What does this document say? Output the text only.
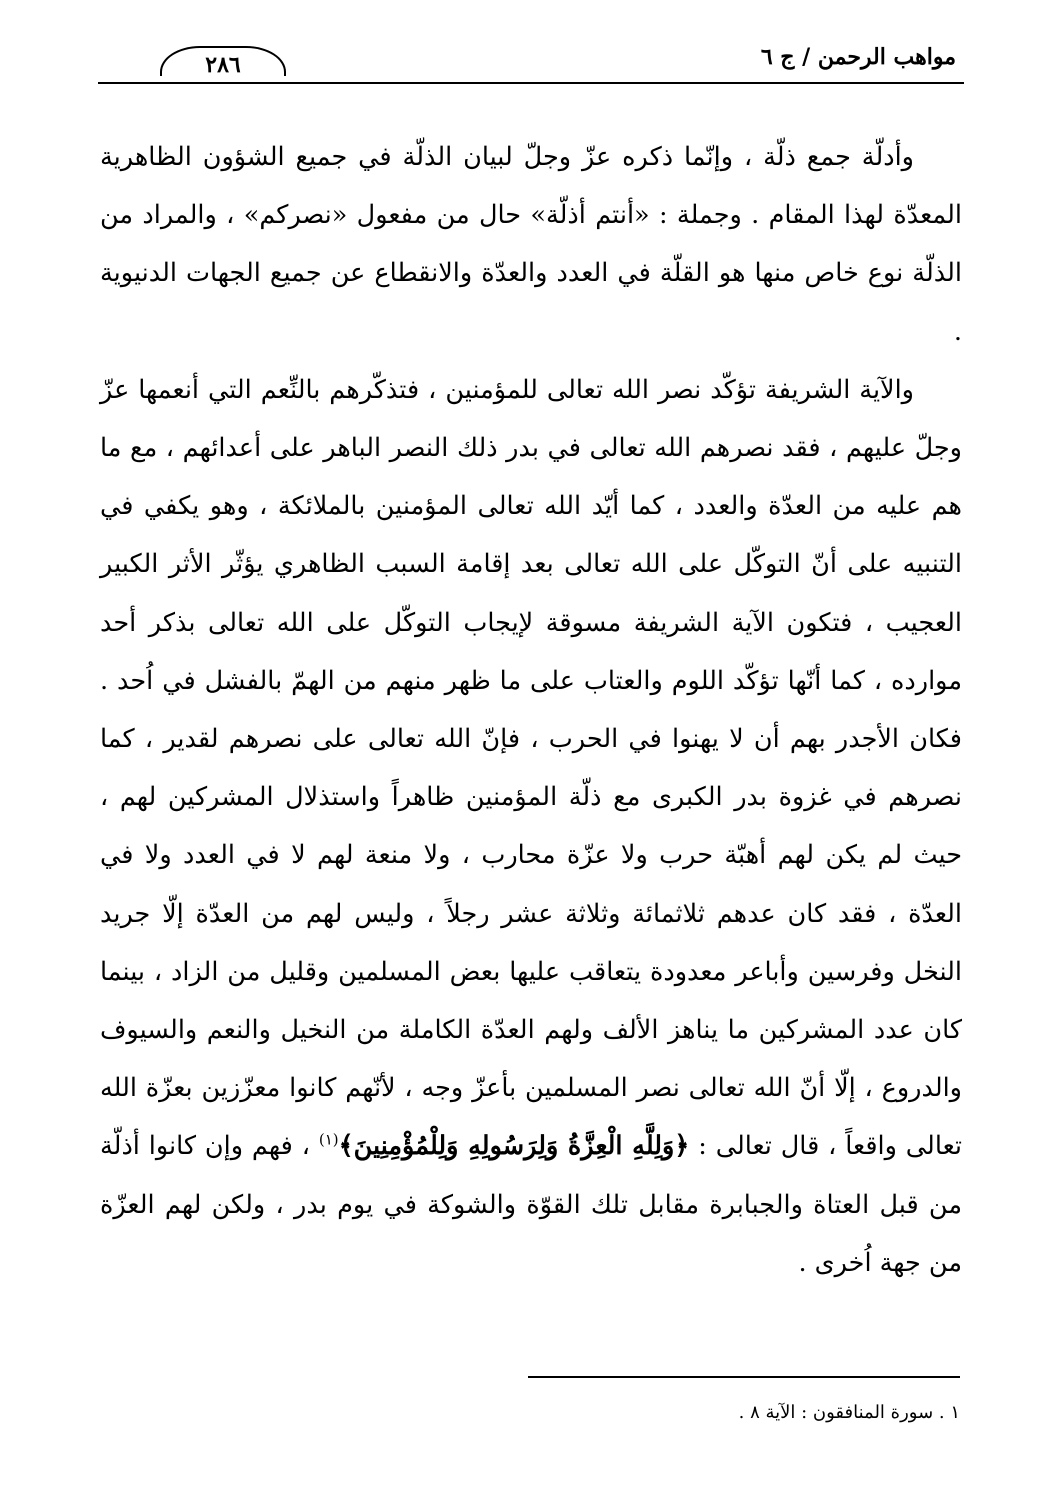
مواهب الرحمن / ج ٦
٢٨٦

وأدلّة جمع ذلّة ، وإنّما ذكره عزّ وجلّ لبيان الذلّة في جميع الشؤون الظاهرية المعدّة لهذا المقام . وجملة : «أنتم أذلّة» حال من مفعول «نصركم» ، والمراد من الذلّة نوع خاص منها هو القلّة في العدد والعدّة والانقطاع عن جميع الجهات الدنيوية .

والآية الشريفة تؤكّد نصر الله تعالى للمؤمنين ، فتذكّرهم بالنِّعم التي أنعمها عزّ وجلّ عليهم ، فقد نصرهم الله تعالى في بدر ذلك النصر الباهر على أعدائهم ، مع ما هم عليه من العدّة والعدد ، كما أيّد الله تعالى المؤمنين بالملائكة ، وهو يكفي في التنبيه على أنّ التوكّل على الله تعالى بعد إقامة السبب الظاهري يؤثّر الأثر الكبير العجيب ، فتكون الآية الشريفة مسوقة لإيجاب التوكّل على الله تعالى بذكر أحد موارده ، كما أنّها تؤكّد اللوم والعتاب على ما ظهر منهم من الهمّ بالفشل في اُحد . فكان الأجدر بهم أن لا يهنوا في الحرب ، فإنّ الله تعالى على نصرهم لقدير ، كما نصرهم في غزوة بدر الكبرى مع ذلّة المؤمنين ظاهراً واستذلال المشركين لهم ، حيث لم يكن لهم أهبّة حرب ولا عزّة محارب ، ولا منعة لهم لا في العدد ولا في العدّة ، فقد كان عدهم ثلاثمائة وثلاثة عشر رجلاً ، وليس لهم من العدّة إلّا جريد النخل وفرسين وأباعر معدودة يتعاقب عليها بعض المسلمين وقليل من الزاد ، بينما كان عدد المشركين ما يناهز الألف ولهم العدّة الكاملة من النخيل والنعم والسيوف والدروع ، إلّا أنّ الله تعالى نصر المسلمين بأعزّ وجه ، لأنّهم كانوا معزّزين بعزّة الله تعالى واقعاً ، قال تعالى : ﴿وَلِلَّهِ الْعِزَّةُ وَلِرَسُولِهِ وَلِلْمُؤْمِنِينَ﴾$^{(١)}$ ، فهم وإن كانوا أذلّة من قبل العتاة والجبابرة مقابل تلك القوّة والشوكة في يوم بدر ، ولكن لهم العزّة من جهة اُخرى .

١ . سورة المنافقون : الآية ٨ .
